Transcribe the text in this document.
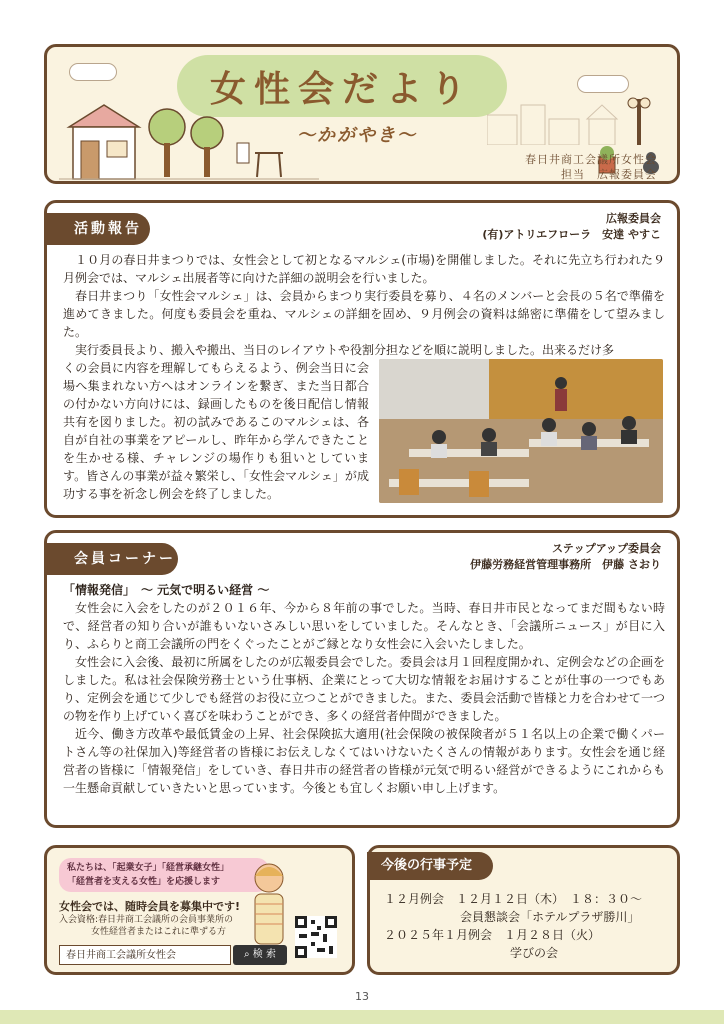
女性会だより
～かがやき～
春日井商工会議所女性会
担当　広報委員会
活動報告
広報委員会
(有)アトリエフローラ　安達 やすこ

１０月の春日井まつりでは、女性会として初となるマルシェ(市場)を開催しました。それに先立ち行われた９月例会では、マルシェ出展者等に向けた詳細の説明会を行いました。

春日井まつり「女性会マルシェ」は、会員からまつり実行委員を募り、４名のメンバーと会長の５名で準備を進めてきました。何度も委員会を重ね、マルシェの詳細を固め、９月例会の資料は綿密に準備をして望みました。

実行委員長より、搬入や搬出、当日のレイアウトや役割分担などを順に説明しました。出来るだけ多

くの会員に内容を理解してもらえるよう、例会当日に会場へ集まれない方へはオンラインを繋ぎ、また当日都合の付かない方向けには、録画したものを後日配信し情報共有を図りました。初の試みであるこのマルシェは、各自が自社の事業をアピールし、昨年から学んできたことを生かせる様、チャレンジの場作りも狙いとしています。皆さんの事業が益々繁栄し、「女性会マルシェ」が成功する事を祈念し例会を終了しました。
会員コーナー
ステップアップ委員会
伊藤労務経営管理事務所　伊藤 さおり
「情報発信」　～ 元気で明るい経営 ～

女性会に入会をしたのが２０１６年、今から８年前の事でした。当時、春日井市民となってまだ間もない時で、経営者の知り合いが誰もいないさみしい思いをしていました。そんなとき、「会議所ニュース」が目に入り、ふらりと商工会議所の門をくぐったことがご縁となり女性会に入会いたしました。

女性会に入会後、最初に所属をしたのが広報委員会でした。委員会は月１回程度開かれ、定例会などの企画をしました。私は社会保険労務士という仕事柄、企業にとって大切な情報をお届けすることが仕事の一つでもあり、定例会を通じて少しでも経営のお役に立つことができました。また、委員会活動で皆様と力を合わせて一つの物を作り上げていく喜びを味わうことができ、多くの経営者仲間ができました。

近今、働き方改革や最低賃金の上昇、社会保険拡大適用(社会保険の被保険者が５１名以上の企業で働くパートさん等の社保加入)等経営者の皆様にお伝えしなくてはいけないたくさんの情報があります。女性会を通じ経営者の皆様に「情報発信」をしていき、春日井市の経営者の皆様が元気で明るい経営ができるようにこれからも一生懸命貢献していきたいと思っています。今後とも宜しくお願い申し上げます。

私たちは、「起業女子」「経営承継女性」
「経営者を支える女性」を応援します
女性会では、随時会員を募集中です!
入会資格:春日井商工会議所の会員事業所の
女性経営者またはこれに準ずる方
春日井商工会議所女性会	⌕ 検 索
今後の行事予定
１２月例会　１２月１２日（木）　１８：３０～
会員懇談会「ホテルプラザ勝川」
２０２５年１月例会　１月２８日（火）
学びの会
13
